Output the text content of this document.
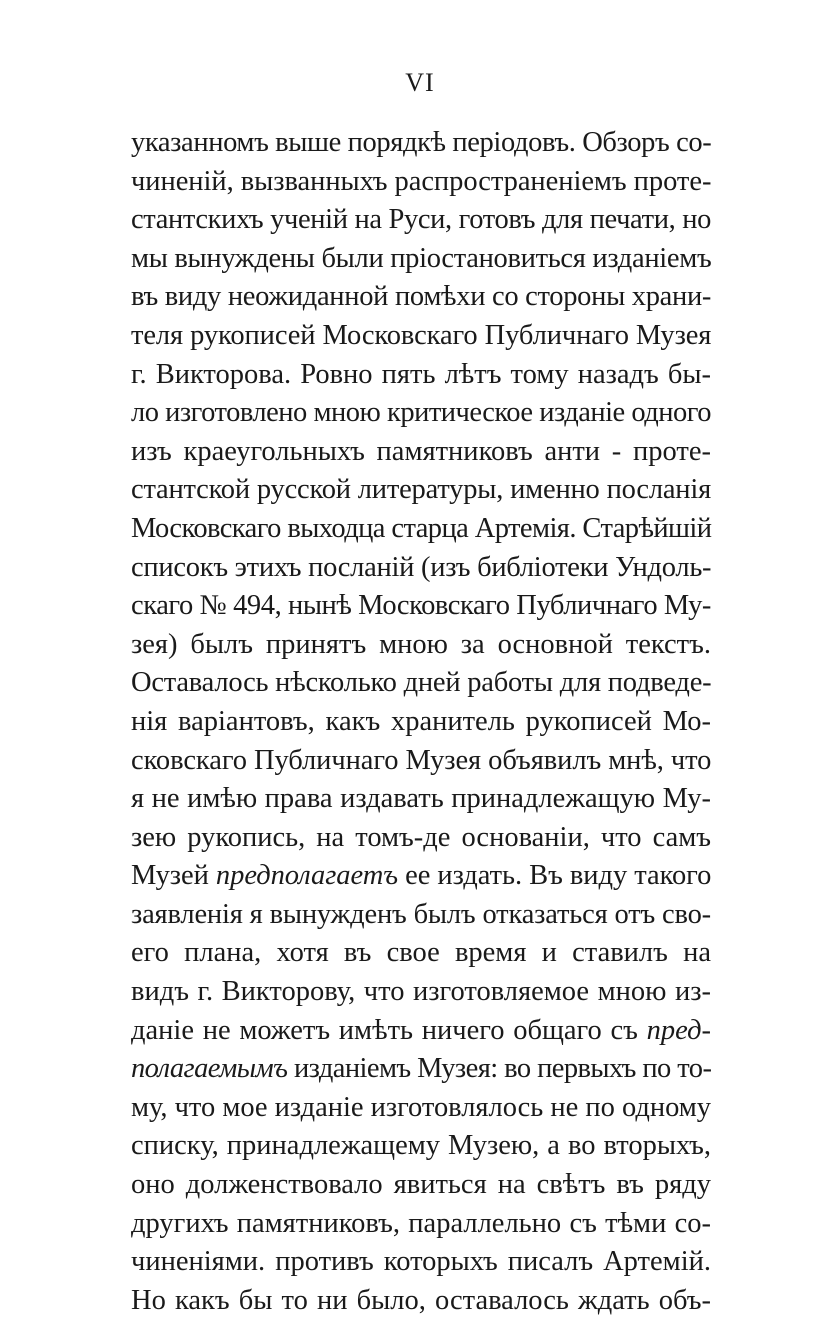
VI
указанномъ выше порядкѣ періодовъ. Обзоръ со-
чиненій, вызванныхъ распространеніемъ проте-
стантскихъ ученій на Руси, готовъ для печати, но
мы вынуждены были пріостановиться изданіемъ
въ виду неожиданной помѣхи со стороны храни-
теля рукописей Московскаго Публичнаго Музея
г. Викторова. Ровно пять лѣтъ тому назадъ бы-
ло изготовлено мною критическое изданіе одного
изъ краеугольныхъ памятниковъ анти - проте-
стантской русской литературы, именно посланія
Московскаго выходца старца Артемія. Старѣйшій
списокъ этихъ посланій (изъ библіотеки Ундоль-
скаго № 494, нынѣ Московскаго Публичнаго Му-
зея) былъ принятъ мною за основной текстъ.
Оставалось нѣсколько дней работы для подведе-
нія варіантовъ, какъ хранитель рукописей Мо-
сковскаго Публичнаго Музея объявилъ мнѣ, что
я не имѣю права издавать принадлежащую Му-
зею рукопись, на томъ-де основаніи, что самъ
Музей предполагаетъ ее издать. Въ виду такого
заявленія я вынужденъ былъ отказаться отъ сво-
его плана, хотя въ свое время и ставилъ на
видъ г. Викторову, что изготовляемое мною из-
даніе не можетъ имѣть ничего общаго съ пред-
полагаемымъ изданіемъ Музея: во первыхъ по то-
му, что мое изданіе изготовлялось не по одному
списку, принадлежащему Музею, а во вторыхъ,
оно долженствовало явиться на свѣтъ въ ряду
другихъ памятниковъ, параллельно съ тѣми со-
чиненіями. противъ которыхъ писалъ Артемій.
Но какъ бы то ни было, оставалось ждать объ-
